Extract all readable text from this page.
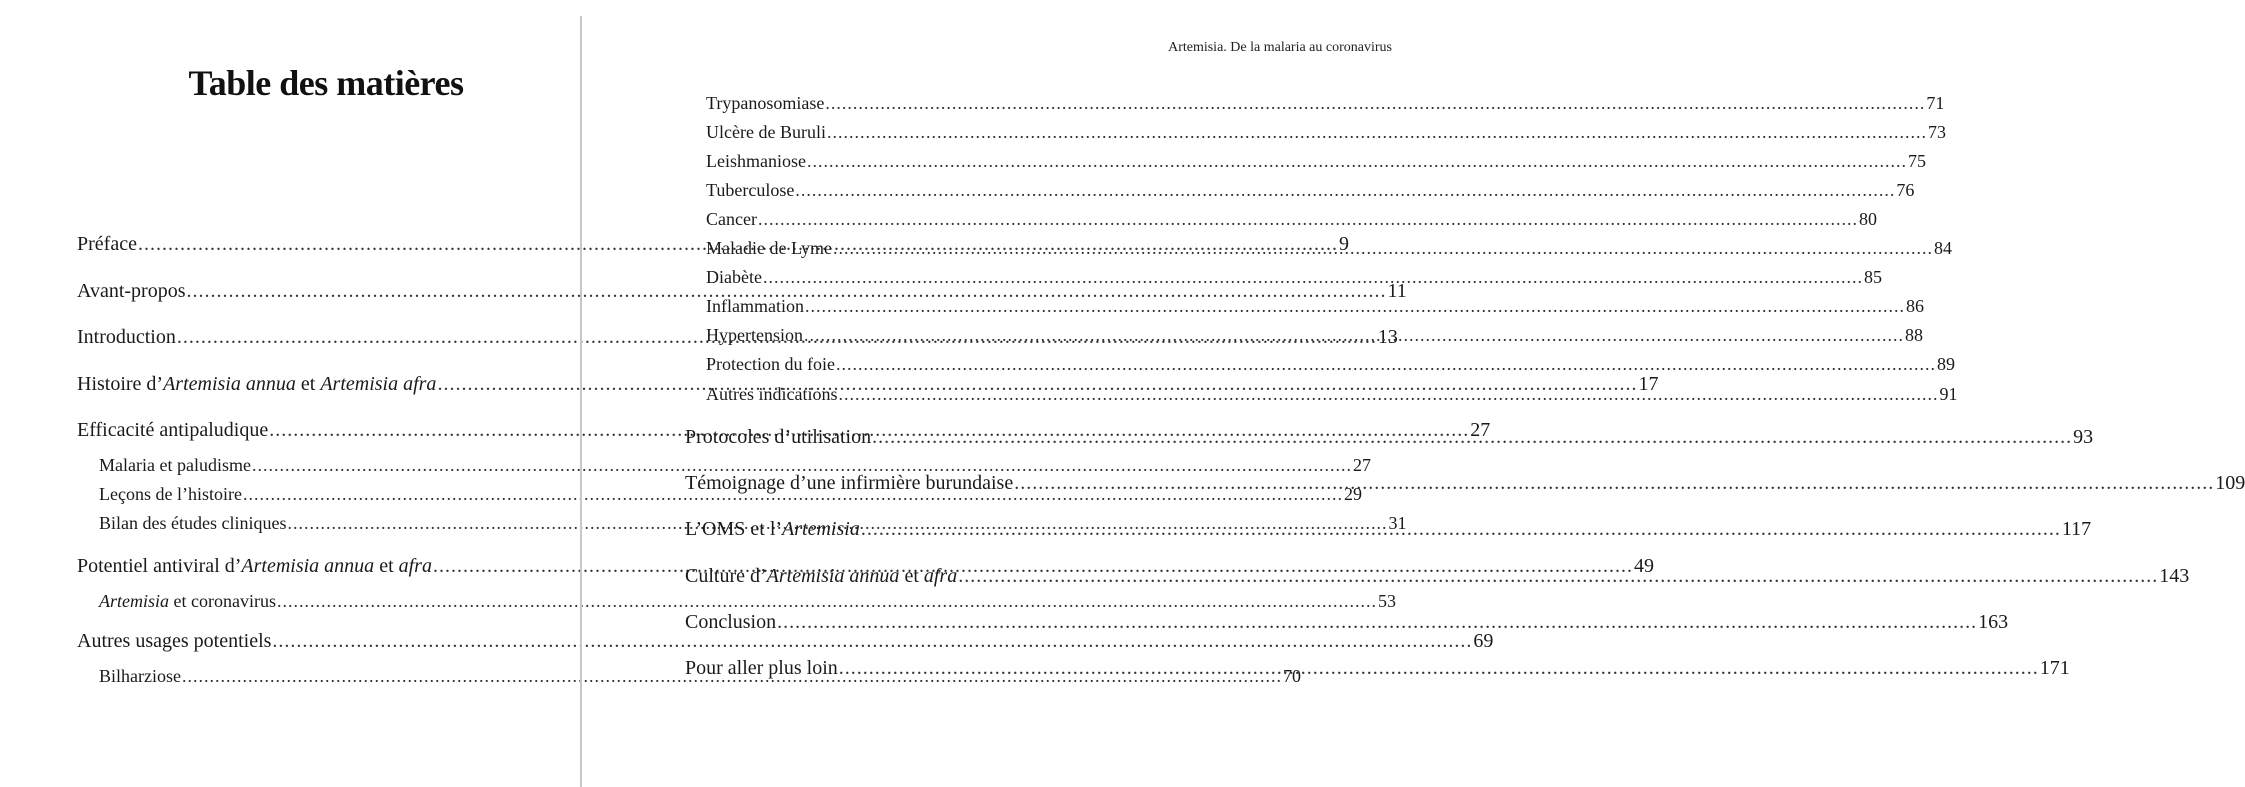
Table des matières
Préface .....	9
Avant-propos .....	11
Introduction .....	13
Histoire d’Artemisia annua et Artemisia afra .....	17
Efficacité antipaludique .....	27
Malaria et paludisme .....	27
Leçons de l’histoire .....	29
Bilan des études cliniques .....	31
Potentiel antiviral d’Artemisia annua et afra .....	49
Artemisia et coronavirus .....	53
Autres usages potentiels .....	69
Bilharziose .....	70
Artemisia. De la malaria au coronavirus
Trypanosomiase .....	71
Ulcère de Buruli .....	73
Leishmaniose .....	75
Tuberculose .....	76
Cancer .....	80
Maladie de Lyme .....	84
Diabète .....	85
Inflammation .....	86
Hypertension .....	88
Protection du foie .....	89
Autres indications .....	91
Protocoles d’utilisation .....	93
Témoignage d’une infirmière burundaise .....	109
L’OMS et l’Artemisia .....	117
Culture d’Artemisia annua et afra .....	143
Conclusion .....	163
Pour aller plus loin .....	171
